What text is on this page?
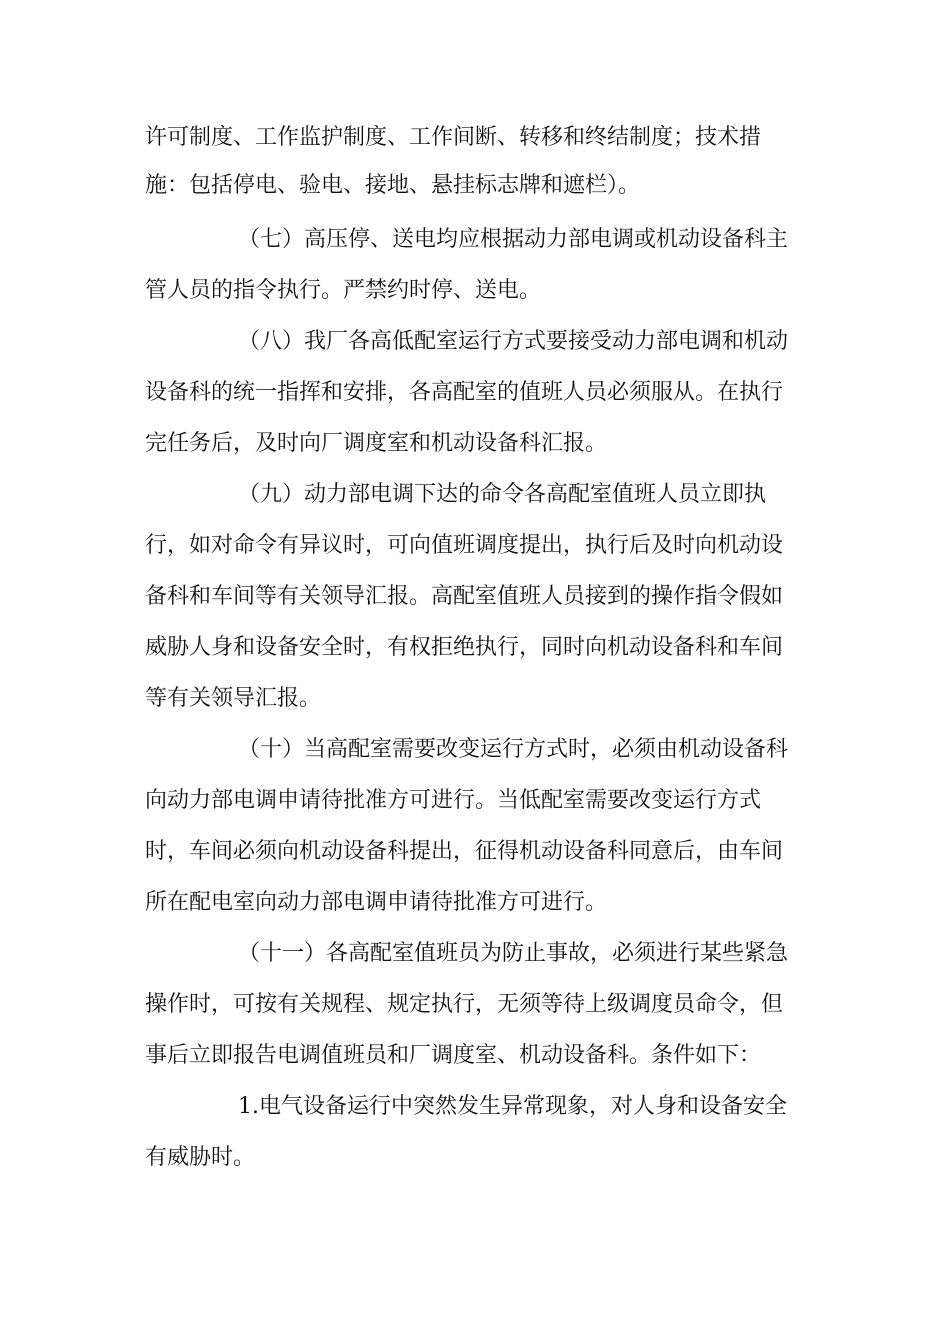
许可制度、工作监护制度、工作间断、转移和终结制度；技术措
施：包括停电、验电、接地、悬挂标志牌和遮栏）。
（七）高压停、送电均应根据动力部电调或机动设备科主
管人员的指令执行。严禁约时停、送电。
（八）我厂各高低配室运行方式要接受动力部电调和机动
设备科的统一指挥和安排，各高配室的值班人员必须服从。在执行
完任务后，及时向厂调度室和机动设备科汇报。
（九）动力部电调下达的命令各高配室值班人员立即执
行，如对命令有异议时，可向值班调度提出，执行后及时向机动设
备科和车间等有关领导汇报。高配室值班人员接到的操作指令假如
威胁人身和设备安全时，有权拒绝执行，同时向机动设备科和车间
等有关领导汇报。
（十）当高配室需要改变运行方式时，必须由机动设备科
向动力部电调申请待批准方可进行。当低配室需要改变运行方式
时，车间必须向机动设备科提出，征得机动设备科同意后，由车间
所在配电室向动力部电调申请待批准方可进行。
（十一）各高配室值班员为防止事故，必须进行某些紧急
操作时，可按有关规程、规定执行，无须等待上级调度员命令，但
事后立即报告电调值班员和厂调度室、机动设备科。条件如下：
1.电气设备运行中突然发生异常现象，对人身和设备安全
有威胁时。
